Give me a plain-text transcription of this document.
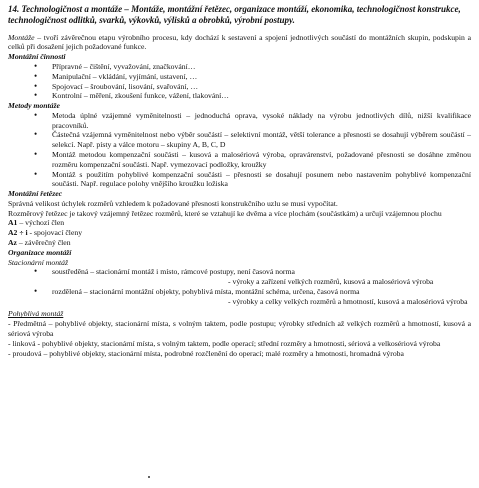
14. Technologičnost a montáže – Montáže, montážní řetězec, organizace montáží, ekonomika, technologičnost konstrukce, technologičnost odlitků, svarků, výkovků, výlisků a obrobků, výrobní postupy.

Montáže – tvoří závěrečnou etapu výrobního procesu, kdy dochází k sestavení a spojení jednotlivých součástí do montážních skupin, podskupin a celků při dosažení jejich požadované funkce.

Montážní činnosti
• Přípravné – čištění, vyvažování, značkování…
• Manipulační – vkládání, vyjímání, ustavení, …
• Spojovací – šroubování, lisování, svařování, …
• Kontrolní – měření, zkoušení funkce, vážení, tlakování…
Metody montáže
• Metoda úplné vzájemné vyměnitelnosti – jednoduchá oprava, vysoké náklady na výrobu jednotlivých dílů, nižší kvalifikace pracovníků.
• Částečná vzájemná vyměnitelnost nebo výběr součástí – selektivní montáž, větší tolerance a přesnosti se dosahují výběrem součástí – selekcí. Např. písty a válce motoru – skupiny A, B, C, D
• Montáž metodou kompenzační součásti – kusová a malosériová výroba, opravárenství, požadované přesnosti se dosáhne změnou rozměru kompenzační součásti. Např. vymezovací podložky, kroužky
• Montáž s použitím pohyblivé kompenzační součásti – přesnosti se dosahují posunem nebo nastavením pohyblivé kompenzační součásti. Např. regulace polohy vnějšího kroužku ložiska
Montážní řetězec

Správná velikost úchylek rozměrů vzhledem k požadované přesnosti konstrukčního uzlu se musí vypočítat.

Rozměrový řetězec je takový vzájemný řetězec rozměrů, které se vztahují ke dvěma a více plochám (součástkám) a určují vzájemnou plochu

A1 – výchozí člen

A2 ÷ i - spojovací členy

Az – závěrečný člen

Organizace montáží
Stacionární montáž
• soustředěná – stacionární montáž i místo, rámcové postupy, není časová norma
- výroky a zařízení velkých rozměrů, kusová a malosériová výroba
• rozdělená – stacionární montážní objekty, pohyblivá místa, montážní schéma, určena, časová norma
- výrobky a celky velkých rozměrů a hmotností, kusová a malosériová výroba
Pohyblivá montáž

- Předmětná – pohyblivé objekty, stacionární místa, s volným taktem, podle postupu; výrobky středních až velkých rozměrů a hmotností, kusová a sériová výroba

- linková - pohyblivé objekty, stacionární místa, s volným taktem, podle operací; střední rozměry a hmotnosti, sériová a velkosériová výroba

- proudová – pohyblivé objekty, stacionární místa, podrobné rozčlenění do operací; malé rozměry a hmotnosti, hromadná výroba
